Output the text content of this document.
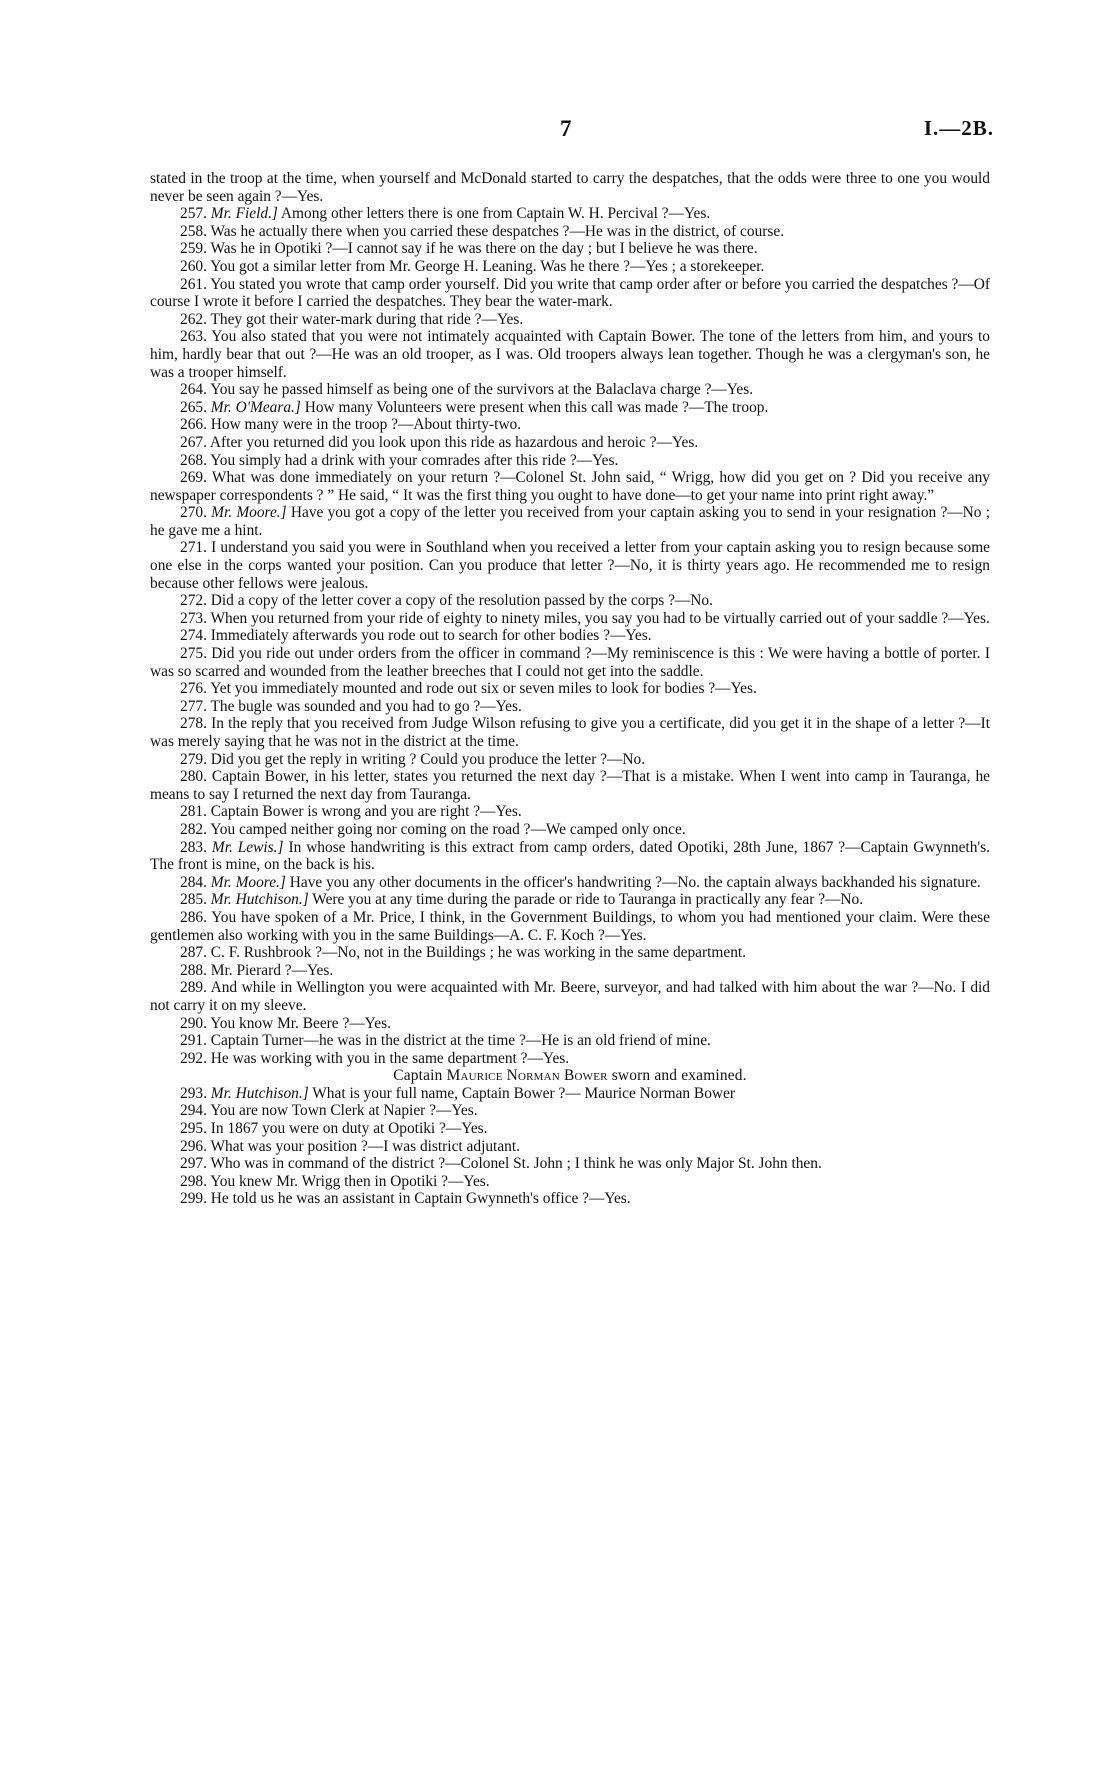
7	I.—2B.

stated in the troop at the time, when yourself and McDonald started to carry the despatches, that the odds were three to one you would never be seen again ?—Yes.

257. Mr. Field.] Among other letters there is one from Captain W. H. Percival ?—Yes.

258. Was he actually there when you carried these despatches ?—He was in the district, of course.

259. Was he in Opotiki ?—I cannot say if he was there on the day ; but I believe he was there.

260. You got a similar letter from Mr. George H. Leaning. Was he there ?—Yes ; a storekeeper.

261. You stated you wrote that camp order yourself. Did you write that camp order after or before you carried the despatches ?—Of course I wrote it before I carried the despatches. They bear the water-mark.

262. They got their water-mark during that ride ?—Yes.

263. You also stated that you were not intimately acquainted with Captain Bower. The tone of the letters from him, and yours to him, hardly bear that out ?—He was an old trooper, as I was. Old troopers always lean together. Though he was a clergyman's son, he was a trooper himself.

264. You say he passed himself as being one of the survivors at the Balaclava charge ?—Yes.

265. Mr. O'Meara.] How many Volunteers were present when this call was made ?—The troop.

266. How many were in the troop ?—About thirty-two.

267. After you returned did you look upon this ride as hazardous and heroic ?—Yes.

268. You simply had a drink with your comrades after this ride ?—Yes.

269. What was done immediately on your return ?—Colonel St. John said, “ Wrigg, how did you get on ? Did you receive any newspaper correspondents ? ” He said, “ It was the first thing you ought to have done—to get your name into print right away.”

270. Mr. Moore.] Have you got a copy of the letter you received from your captain asking you to send in your resignation ?—No ; he gave me a hint.

271. I understand you said you were in Southland when you received a letter from your captain asking you to resign because some one else in the corps wanted your position. Can you produce that letter ?—No, it is thirty years ago. He recommended me to resign because other fellows were jealous.

272. Did a copy of the letter cover a copy of the resolution passed by the corps ?—No.

273. When you returned from your ride of eighty to ninety miles, you say you had to be virtually carried out of your saddle ?—Yes.

274. Immediately afterwards you rode out to search for other bodies ?—Yes.

275. Did you ride out under orders from the officer in command ?—My reminiscence is this : We were having a bottle of porter. I was so scarred and wounded from the leather breeches that I could not get into the saddle.

276. Yet you immediately mounted and rode out six or seven miles to look for bodies ?—Yes.

277. The bugle was sounded and you had to go ?—Yes.

278. In the reply that you received from Judge Wilson refusing to give you a certificate, did you get it in the shape of a letter ?—It was merely saying that he was not in the district at the time.

279. Did you get the reply in writing ? Could you produce the letter ?—No.

280. Captain Bower, in his letter, states you returned the next day ?—That is a mistake. When I went into camp in Tauranga, he means to say I returned the next day from Tauranga.

281. Captain Bower is wrong and you are right ?—Yes.

282. You camped neither going nor coming on the road ?—We camped only once.

283. Mr. Lewis.] In whose handwriting is this extract from camp orders, dated Opotiki, 28th June, 1867 ?—Captain Gwynneth's. The front is mine, on the back is his.

284. Mr. Moore.] Have you any other documents in the officer's handwriting ?—No. the captain always backhanded his signature.

285. Mr. Hutchison.] Were you at any time during the parade or ride to Tauranga in practically any fear ?—No.

286. You have spoken of a Mr. Price, I think, in the Government Buildings, to whom you had mentioned your claim. Were these gentlemen also working with you in the same Buildings—A. C. F. Koch ?—Yes.

287. C. F. Rushbrook ?—No, not in the Buildings ; he was working in the same department.

288. Mr. Pierard ?—Yes.

289. And while in Wellington you were acquainted with Mr. Beere, surveyor, and had talked with him about the war ?—No. I did not carry it on my sleeve.

290. You know Mr. Beere ?—Yes.

291. Captain Turner—he was in the district at the time ?—He is an old friend of mine.

292. He was working with you in the same department ?—Yes.

Captain Maurice Norman Bower sworn and examined.

293. Mr. Hutchison.] What is your full name, Captain Bower ?— Maurice Norman Bower

294. You are now Town Clerk at Napier ?—Yes.

295. In 1867 you were on duty at Opotiki ?—Yes.

296. What was your position ?—I was district adjutant.

297. Who was in command of the district ?—Colonel St. John ; I think he was only Major St. John then.

298. You knew Mr. Wrigg then in Opotiki ?—Yes.

299. He told us he was an assistant in Captain Gwynneth's office ?—Yes.
